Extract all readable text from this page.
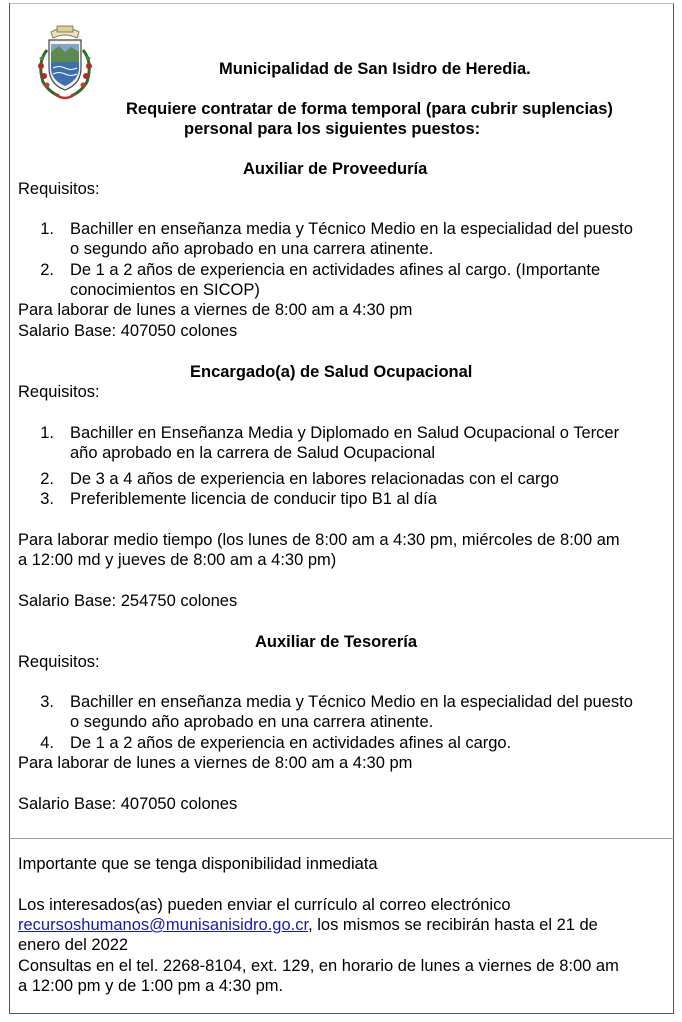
Municipalidad de San Isidro de Heredia.
Requiere contratar de forma temporal (para cubrir suplencias)
personal para los siguientes puestos:
Auxiliar de Proveeduría
Requisitos:
1. Bachiller en enseñanza media y Técnico Medio en la especialidad del puesto
o segundo año aprobado en una carrera atinente.
2. De 1 a 2 años de experiencia en actividades afines al cargo. (Importante
conocimientos en SICOP)
Para laborar de lunes a viernes de 8:00 am a 4:30 pm
Salario Base: 407050 colones
Encargado(a) de Salud Ocupacional
Requisitos:
1. Bachiller en Enseñanza Media y Diplomado en Salud Ocupacional o Tercer
año aprobado en la carrera de Salud Ocupacional
2. De 3 a 4 años de experiencia en labores relacionadas con el cargo
3. Preferiblemente licencia de conducir tipo B1 al día
Para laborar medio tiempo (los lunes de 8:00 am a 4:30 pm, miércoles de 8:00 am
a 12:00 md y jueves de 8:00 am a 4:30 pm)
Salario Base: 254750 colones
Auxiliar de Tesorería
Requisitos:
3. Bachiller en enseñanza media y Técnico Medio en la especialidad del puesto
o segundo año aprobado en una carrera atinente.
4. De 1 a 2 años de experiencia en actividades afines al cargo.
Para laborar de lunes a viernes de 8:00 am a 4:30 pm
Salario Base: 407050 colones
Importante que se tenga disponibilidad inmediata
Los interesados(as) pueden enviar el currículo al correo electrónico
recursoshumanos@munisanisidro.go.cr, los mismos se recibirán hasta el 21 de
enero del 2022
Consultas en el tel. 2268-8104, ext. 129, en horario de lunes a viernes de 8:00 am
a 12:00 pm y de 1:00 pm a 4:30 pm.
